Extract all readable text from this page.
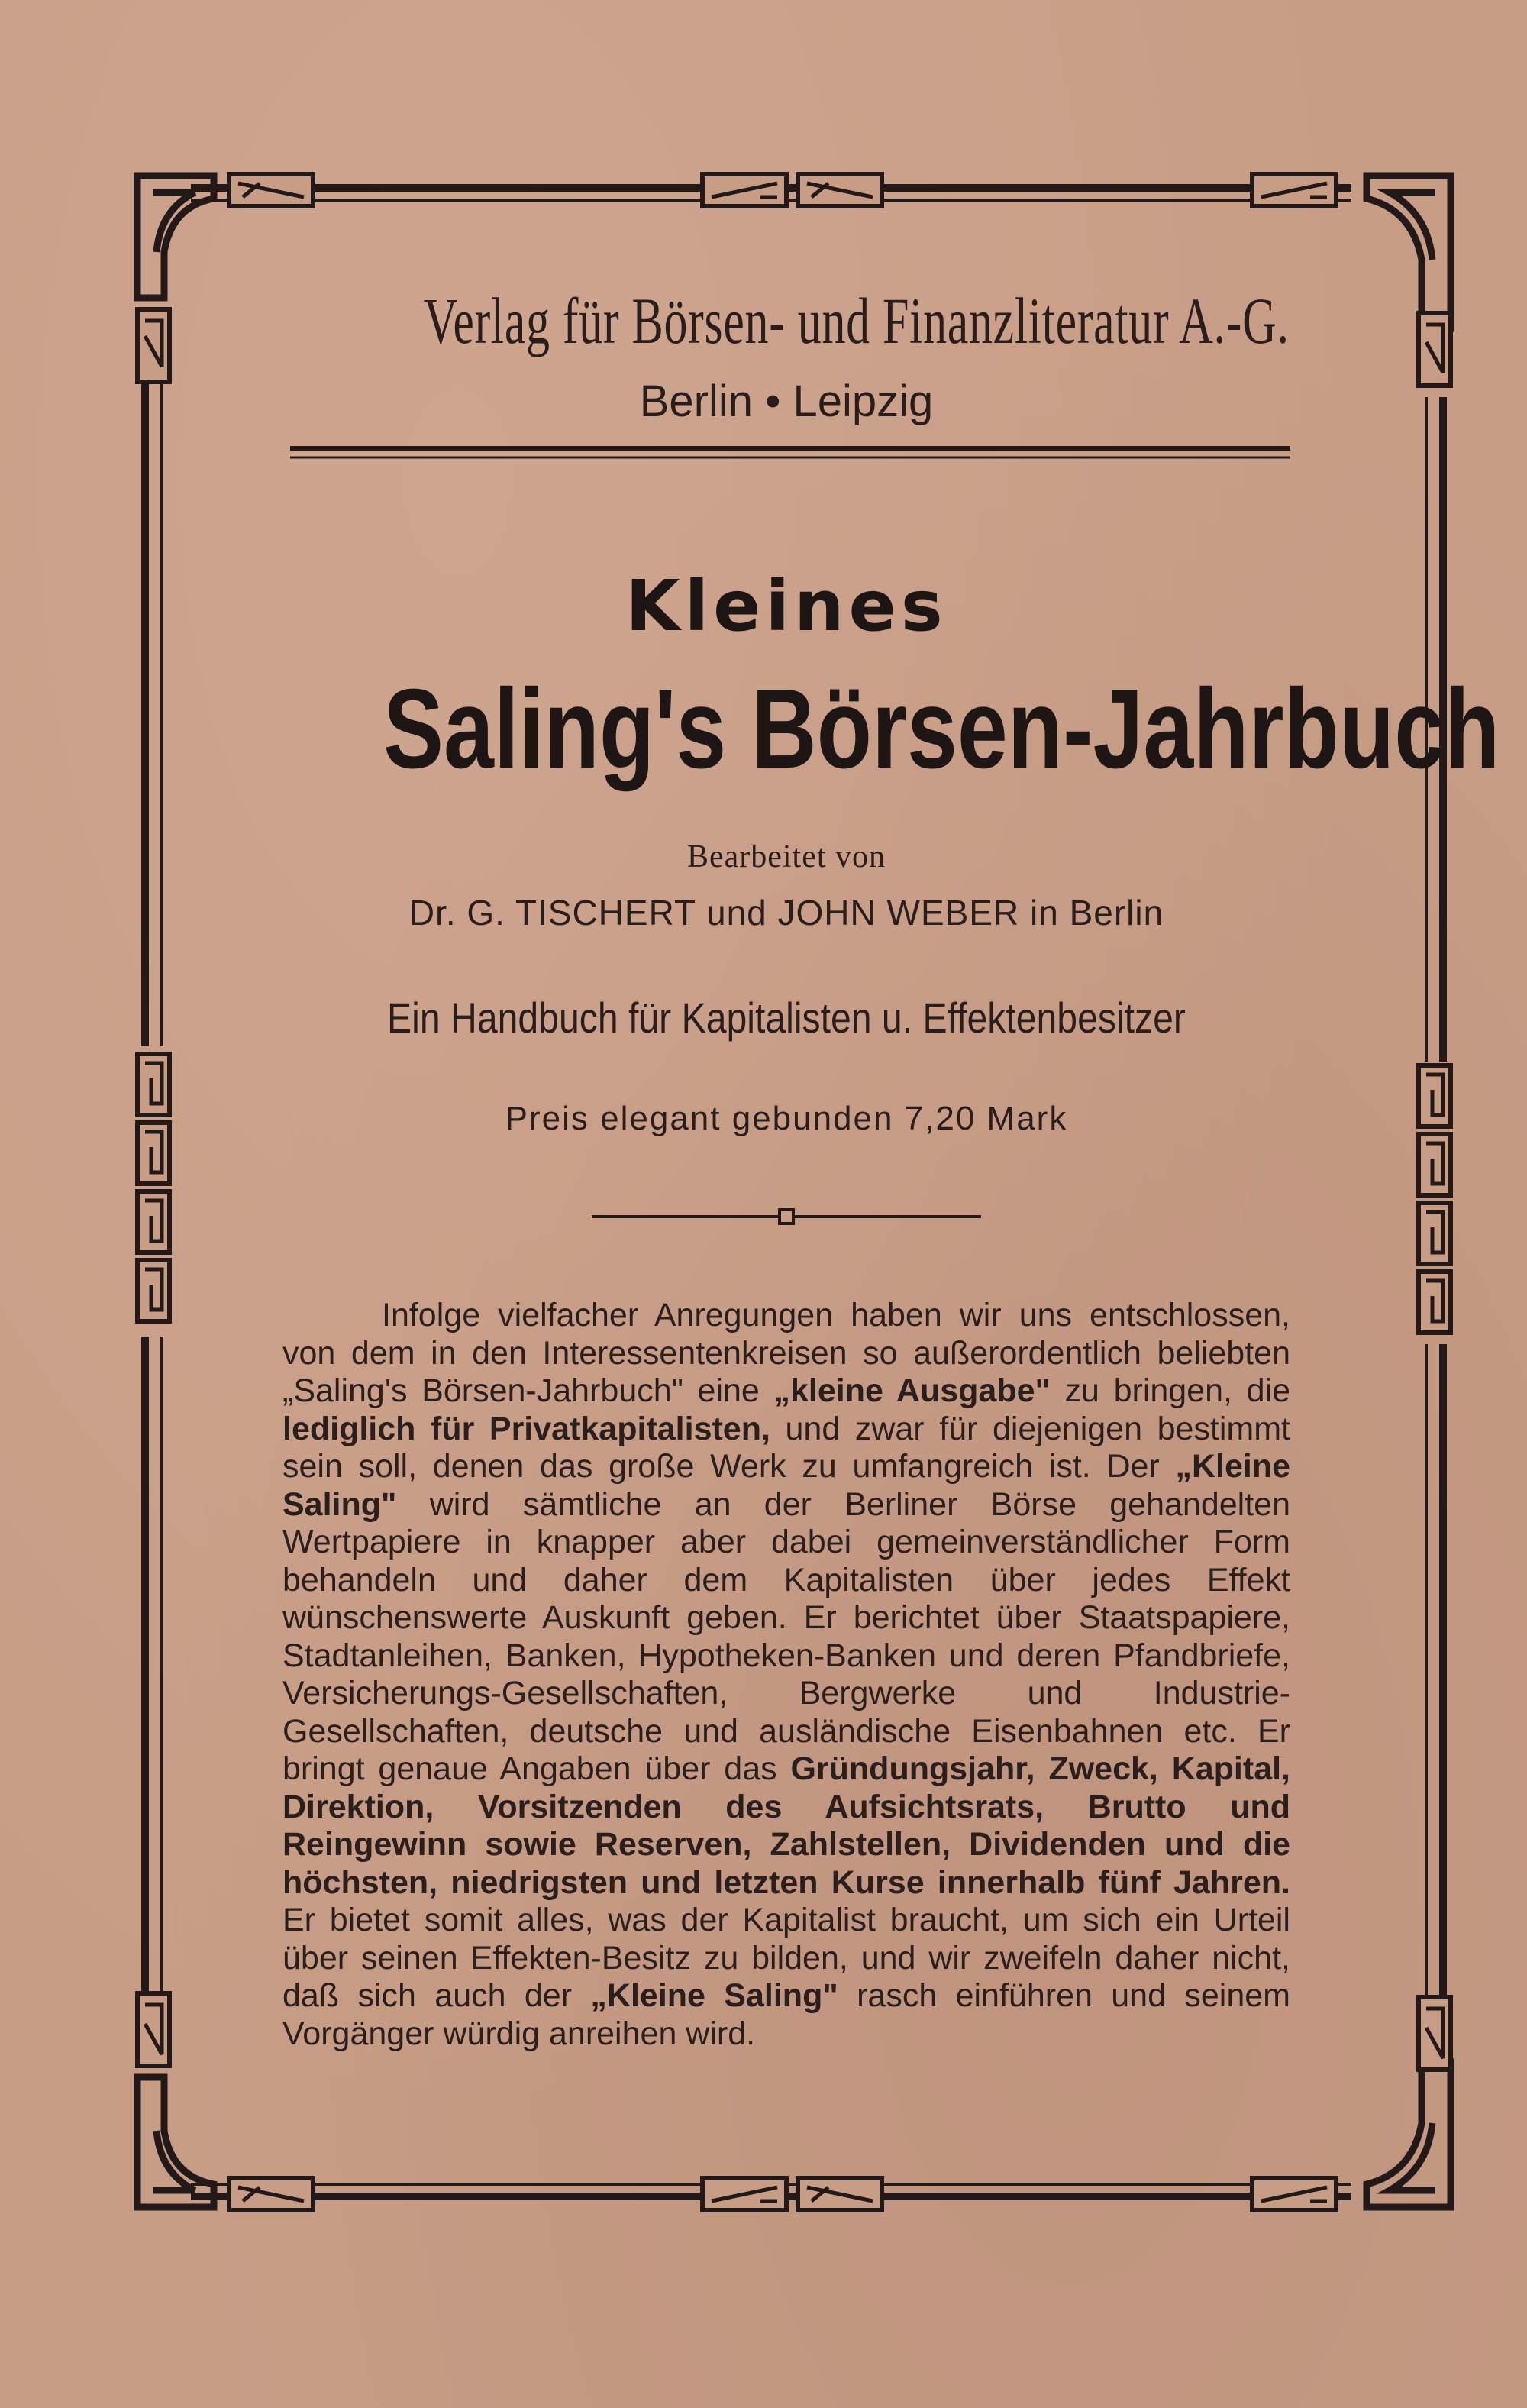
Verlag für Börsen- und Finanzliteratur A.-G.
Berlin • Leipzig
Kleines
Saling's Börsen-Jahrbuch
Bearbeitet von
Dr. G. TISCHERT und JOHN WEBER in Berlin
Ein Handbuch für Kapitalisten u. Effektenbesitzer
Preis elegant gebunden 7,20 Mark
Infolge vielfacher Anregungen haben wir uns entschlossen, von dem in den Interessentenkreisen so außerordentlich beliebten „Saling's Börsen-Jahrbuch" eine „kleine Ausgabe" zu bringen, die lediglich für Privatkapitalisten, und zwar für diejenigen bestimmt sein soll, denen das große Werk zu umfangreich ist. Der „Kleine Saling" wird sämtliche an der Berliner Börse gehandelten Wertpapiere in knapper aber dabei gemeinverständlicher Form behandeln und daher dem Kapitalisten über jedes Effekt wünschenswerte Auskunft geben. Er berichtet über Staatspapiere, Stadtanleihen, Banken, Hypotheken-Banken und deren Pfandbriefe, Versicherungs-Gesellschaften, Bergwerke und Industrie-Gesellschaften, deutsche und ausländische Eisenbahnen etc. Er bringt genaue Angaben über das Gründungsjahr, Zweck, Kapital, Direktion, Vorsitzenden des Aufsichtsrats, Brutto und Reingewinn sowie Reserven, Zahlstellen, Dividenden und die höchsten, niedrigsten und letzten Kurse innerhalb fünf Jahren. Er bietet somit alles, was der Kapitalist braucht, um sich ein Urteil über seinen Effekten-Besitz zu bilden, und wir zweifeln daher nicht, daß sich auch der „Kleine Saling" rasch einführen und seinem Vorgänger würdig anreihen wird.
